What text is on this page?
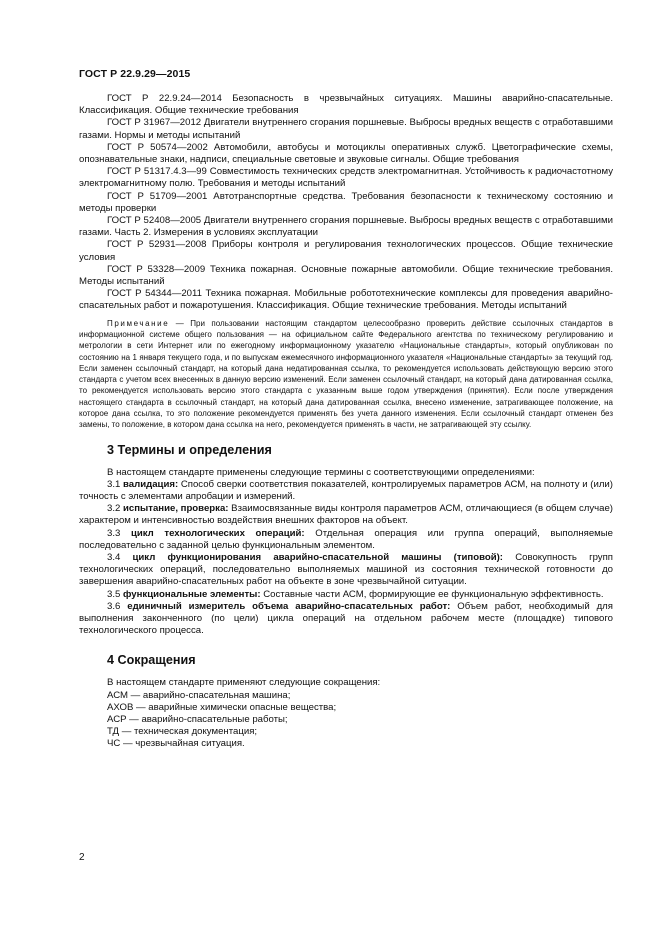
ГОСТ Р 22.9.29—2015

ГОСТ Р 22.9.24—2014 Безопасность в чрезвычайных ситуациях. Машины аварийно-спасательные. Классификация. Общие технические требования

ГОСТ Р 31967—2012 Двигатели внутреннего сгорания поршневые. Выбросы вредных веществ с отработавшими газами. Нормы и методы испытаний

ГОСТ Р 50574—2002 Автомобили, автобусы и мотоциклы оперативных служб. Цветографические схемы, опознавательные знаки, надписи, специальные световые и звуковые сигналы. Общие требования

ГОСТ Р 51317.4.3—99 Совместимость технических средств электромагнитная. Устойчивость к радиочастотному электромагнитному полю. Требования и методы испытаний

ГОСТ Р 51709—2001 Автотранспортные средства. Требования безопасности к техническому состоянию и методы проверки

ГОСТ Р 52408—2005 Двигатели внутреннего сгорания поршневые. Выбросы вредных веществ с отработавшими газами. Часть 2. Измерения в условиях эксплуатации

ГОСТ Р 52931—2008 Приборы контроля и регулирования технологических процессов. Общие технические условия

ГОСТ Р 53328—2009 Техника пожарная. Основные пожарные автомобили. Общие технические требования. Методы испытаний

ГОСТ Р 54344—2011 Техника пожарная. Мобильные робототехнические комплексы для проведения аварийно-спасательных работ и пожаротушения. Классификация. Общие технические требования. Методы испытаний

Примечание — При пользовании настоящим стандартом целесообразно проверить действие ссылочных стандартов в информационной системе общего пользования — на официальном сайте Федерального агентства по техническому регулированию и метрологии в сети Интернет или по ежегодному информационному указателю «Национальные стандарты», который опубликован по состоянию на 1 января текущего года, и по выпускам ежемесячного информационного указателя «Национальные стандарты» за текущий год. Если заменен ссылочный стандарт, на который дана недатированная ссылка, то рекомендуется использовать действующую версию этого стандарта с учетом всех внесенных в данную версию изменений. Если заменен ссылочный стандарт, на который дана датированная ссылка, то рекомендуется использовать версию этого стандарта с указанным выше годом утверждения (принятия). Если после утверждения настоящего стандарта в ссылочный стандарт, на который дана датированная ссылка, внесено изменение, затрагивающее положение, на которое дана ссылка, то это положение рекомендуется применять без учета данного изменения. Если ссылочный стандарт отменен без замены, то положение, в котором дана ссылка на него, рекомендуется применять в части, не затрагивающей эту ссылку.

3 Термины и определения

В настоящем стандарте применены следующие термины с соответствующими определениями:

3.1 валидация: Способ сверки соответствия показателей, контролируемых параметров АСМ, на полноту и (или) точность с элементами апробации и измерений.

3.2 испытание, проверка: Взаимосвязанные виды контроля параметров АСМ, отличающиеся (в общем случае) характером и интенсивностью воздействия внешних факторов на объект.

3.3 цикл технологических операций: Отдельная операция или группа операций, выполняемые последовательно с заданной целью функциональным элементом.

3.4 цикл функционирования аварийно-спасательной машины (типовой): Совокупность групп технологических операций, последовательно выполняемых машиной из состояния технической готовности до завершения аварийно-спасательных работ на объекте в зоне чрезвычайной ситуации.

3.5 функциональные элементы: Составные части АСМ, формирующие ее функциональную эффективность.

3.6 единичный измеритель объема аварийно-спасательных работ: Объем работ, необходимый для выполнения законченного (по цели) цикла операций на отдельном рабочем месте (площадке) типового технологического процесса.

4 Сокращения

В настоящем стандарте применяют следующие сокращения:

АСМ — аварийно-спасательная машина;
АХОВ — аварийные химически опасные вещества;
АСР — аварийно-спасательные работы;
ТД — техническая документация;
ЧС — чрезвычайная ситуация.
2
